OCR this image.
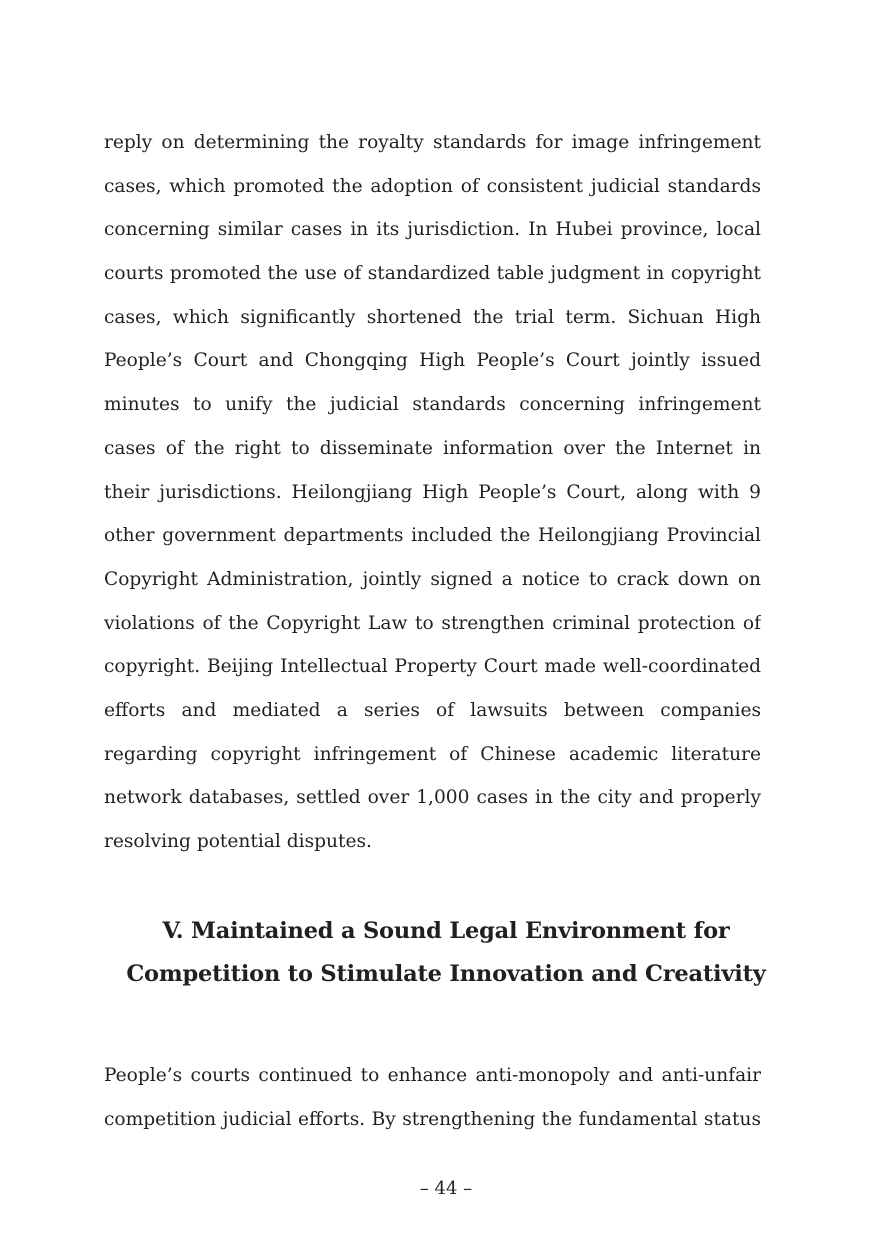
reply on determining the royalty standards for image infringement
cases, which promoted the adoption of consistent judicial standards
concerning similar cases in its jurisdiction. In Hubei province, local
courts promoted the use of standardized table judgment in copyright
cases, which significantly shortened the trial term. Sichuan High
People’s Court and Chongqing High People’s Court jointly issued
minutes to unify the judicial standards concerning infringement
cases of the right to disseminate information over the Internet in
their jurisdictions. Heilongjiang High People’s Court, along with 9
other government departments included the Heilongjiang Provincial
Copyright Administration, jointly signed a notice to crack down on
violations of the Copyright Law to strengthen criminal protection of
copyright. Beijing Intellectual Property Court made well-coordinated
efforts and mediated a series of lawsuits between companies
regarding copyright infringement of Chinese academic literature
network databases, settled over 1,000 cases in the city and properly
resolving potential disputes.
V. Maintained a Sound Legal Environment for
Competition to Stimulate Innovation and Creativity
People’s courts continued to enhance anti-monopoly and anti-unfair
competition judicial efforts. By strengthening the fundamental status
– 44 –
